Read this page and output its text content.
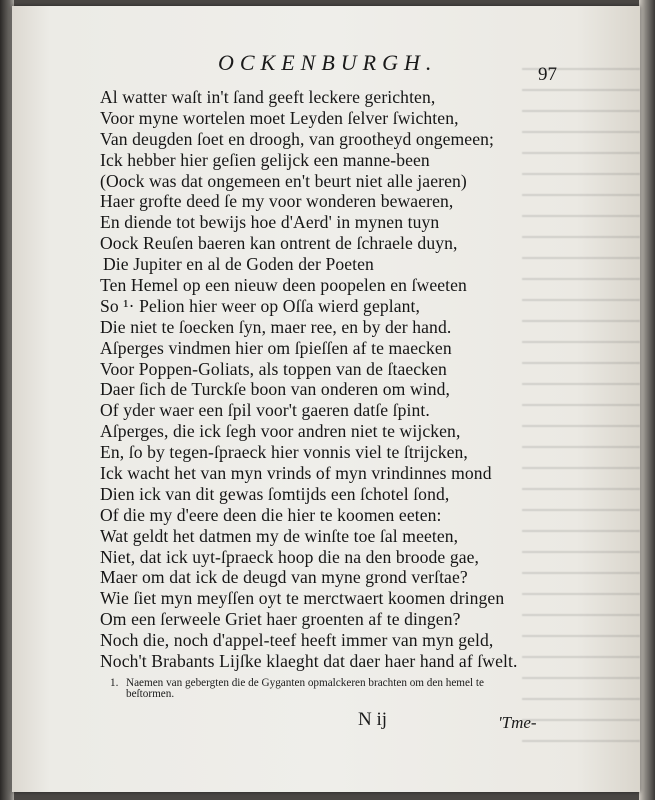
OCKENBURGH.	97
Al watter waſt in't ſand geeft leckere gerichten,
Voor myne wortelen moet Leyden ſelver ſwichten,
Van deugden ſoet en droogh, van grootheyd ongemeen;
Ick hebber hier geſien gelijck een manne-been
(Oock was dat ongemeen en't beurt niet alle jaeren)
Haer grofte deed ſe my voor wonderen bewaeren,
En diende tot bewijs hoe d'Aerd' in mynen tuyn
Oock Reuſen baeren kan ontrent de ſchraele duyn,
Die Jupiter en al de Goden der Poeten
Ten Hemel op een nieuw deen poopelen en ſweeten
So ¹· Pelion hier weer op Oſſa wierd geplant,
Die niet te ſoecken ſyn, maer ree, en by der hand.
Aſperges vindmen hier om ſpieſſen af te maecken
Voor Poppen-Goliats, als toppen van de ſtaecken
Daer ſich de Turckſe boon van onderen om wind,
Of yder waer een ſpil voor't gaeren datſe ſpint.
Aſperges, die ick ſegh voor andren niet te wijcken,
En, ſo by tegen-ſpraeck hier vonnis viel te ſtrijcken,
Ick wacht het van myn vrinds of myn vrindinnes mond
Dien ick van dit gewas ſomtijds een ſchotel ſond,
Of die my d'eere deen die hier te koomen eeten:
Wat geldt het datmen my de winſte toe ſal meeten,
Niet, dat ick uyt-ſpraeck hoop die na den broode gae,
Maer om dat ick de deugd van myne grond verſtae?
Wie ſiet myn meyſſen oyt te merctwaert koomen dringen
Om een ſerweele Griet haer groenten af te dingen?
Noch die, noch d'appel-teef heeft immer van myn geld,
Noch't Brabants Lijſke klaeght dat daer haer hand af ſwelt.
1. Naemen van gebergten die de Gyganten opmalckeren brachten om den hemel te
beſtormen.
N ij	'Tme-
